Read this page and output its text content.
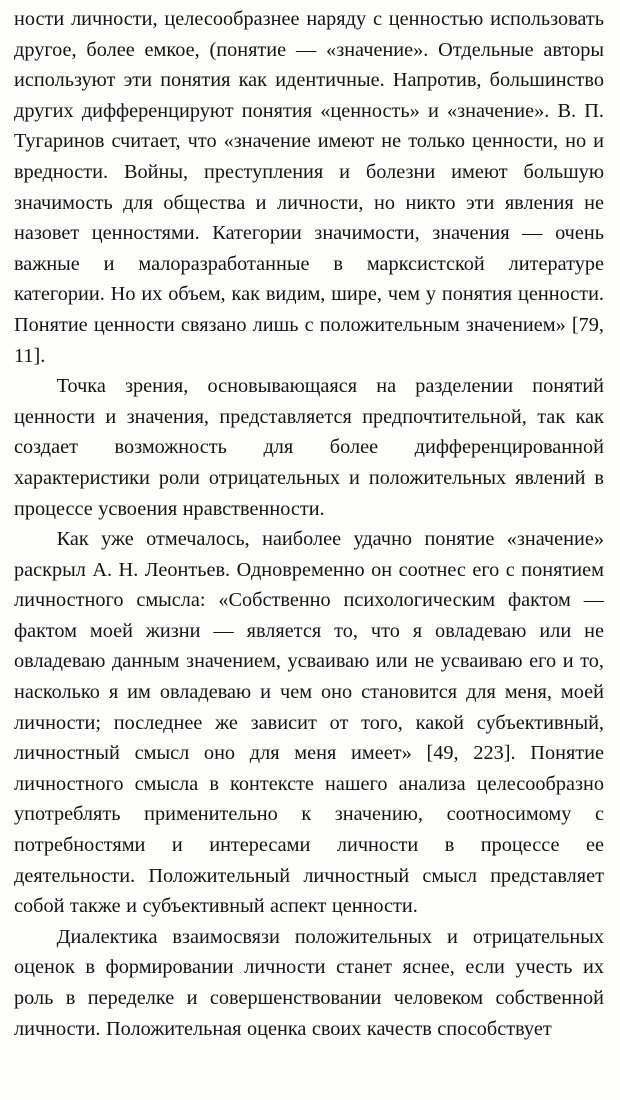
ности личности, целесообразнее наряду с ценностью использовать другое, более емкое, (понятие — «значение». Отдельные авторы используют эти понятия как идентичные. Напротив, большинство других дифференцируют понятия «ценность» и «значение». В. П. Тугаринов считает, что «значение имеют не только ценности, но и вредности. Войны, преступления и болезни имеют большую значимость для общества и личности, но никто эти явления не назовет ценностями. Категории значимости, значения — очень важные и малоразработанные в марксистской литературе категории. Но их объем, как видим, шире, чем у понятия ценности. Понятие ценности связано лишь с положительным значением» [79, 11].

Точка зрения, основывающаяся на разделении понятий ценности и значения, представляется предпочтительной, так как создает возможность для более дифференцированной характеристики роли отрицательных и положительных явлений в процессе усвоения нравственности.

Как уже отмечалось, наиболее удачно понятие «значение» раскрыл А. Н. Леонтьев. Одновременно он соотнес его с понятием личностного смысла: «Собственно психологическим фактом — фактом моей жизни — является то, что я овладеваю или не овладеваю данным значением, усваиваю или не усваиваю его и то, насколько я им овладеваю и чем оно становится для меня, моей личности; последнее же зависит от того, какой субъективный, личностный смысл оно для меня имеет» [49, 223]. Понятие личностного смысла в контексте нашего анализа целесообразно употреблять применительно к значению, соотносимому с потребностями и интересами личности в процессе ее деятельности. Положительный личностный смысл представляет собой также и субъективный аспект ценности.

Диалектика взаимосвязи положительных и отрицательных оценок в формировании личности станет яснее, если учесть их роль в переделке и совершенствовании человеком собственной личности. Положительная оценка своих качеств способствует
